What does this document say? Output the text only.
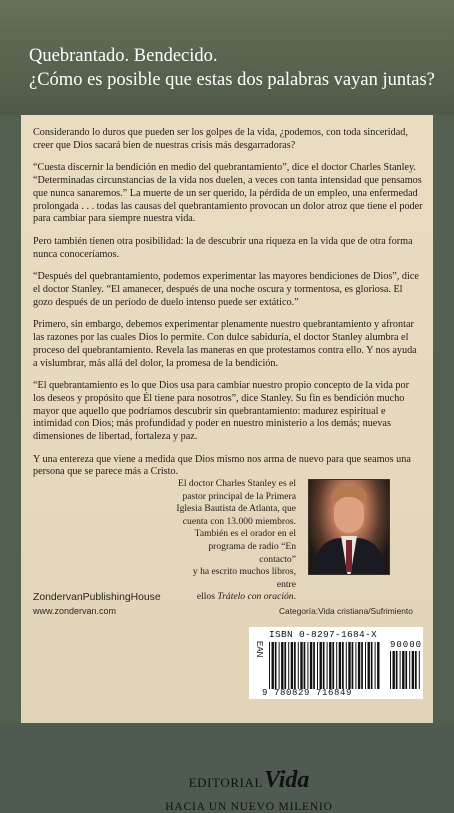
Quebrantado. Bendecido.
¿Cómo es posible que estas dos palabras vayan juntas?

Considerando lo duros que pueden ser los golpes de la vida, ¿podemos, con toda sinceridad, creer que Dios sacará bien de nuestras crisis más desgarradoras?

“Cuesta discernir la bendición en medio del quebrantamiento”, dice el doctor Charles Stanley. “Determinadas circunstancias de la vida nos duelen, a veces con tanta intensidad que pensamos que nunca sanaremos.” La muerte de un ser querido, la pérdida de un empleo, una enfermedad prolongada . . . todas las causas del quebrantamiento provocan un dolor atroz que tiene el poder para cambiar para siempre nuestra vida.

Pero también tienen otra posibilidad: la de descubrir una riqueza en la vida que de otra forma nunca conoceríamos.

“Después del quebrantamiento, podemos experimentar las mayores bendiciones de Dios”, dice el doctor Stanley. “El amanecer, después de una noche oscura y tormentosa, es gloriosa. El gozo después de un período de duelo intenso puede ser extático.”

Primero, sin embargo, debemos experimentar plenamente nuestro quebrantamiento y afrontar las razones por las cuales Dios lo permite. Con dulce sabiduría, el doctor Stanley alumbra el proceso del quebrantamiento. Revela las maneras en que protestamos contra ello. Y nos ayuda a vislumbrar, más allá del dolor, la promesa de la bendición.

“El quebrantamiento es lo que Dios usa para cambiar nuestro propio concepto de la vida por los deseos y propósito que Él tiene para nosotros”, dice Stanley. Su fin es bendición mucho mayor que aquello que podríamos descubrir sin quebrantamiento: madurez espiritual e intimidad con Dios; más profundidad y poder en nuestro ministerio a los demás; nuevas dimensiones de libertad, fortaleza y paz.

Y una entereza que viene a medida que Dios mismo nos arma de nuevo para que seamos una persona que se parece más a Cristo.

El doctor Charles Stanley es el
pastor principal de la Primera
Iglesia Bautista de Atlanta, que
cuenta con 13.000 miembros.
También es el orador en el
programa de radio “En contacto”
y ha escrito muchos libros, entre
ellos Trátelo con oración.
ZondervanPublishingHouse
www.zondervan.com	Categoría:Vida cristiana/Sufrimiento
ISBN 0-8297-1684-X
EAN	90000
9 780829 716849
EDITORIALVida
HACIA UN NUEVO MILENIO
